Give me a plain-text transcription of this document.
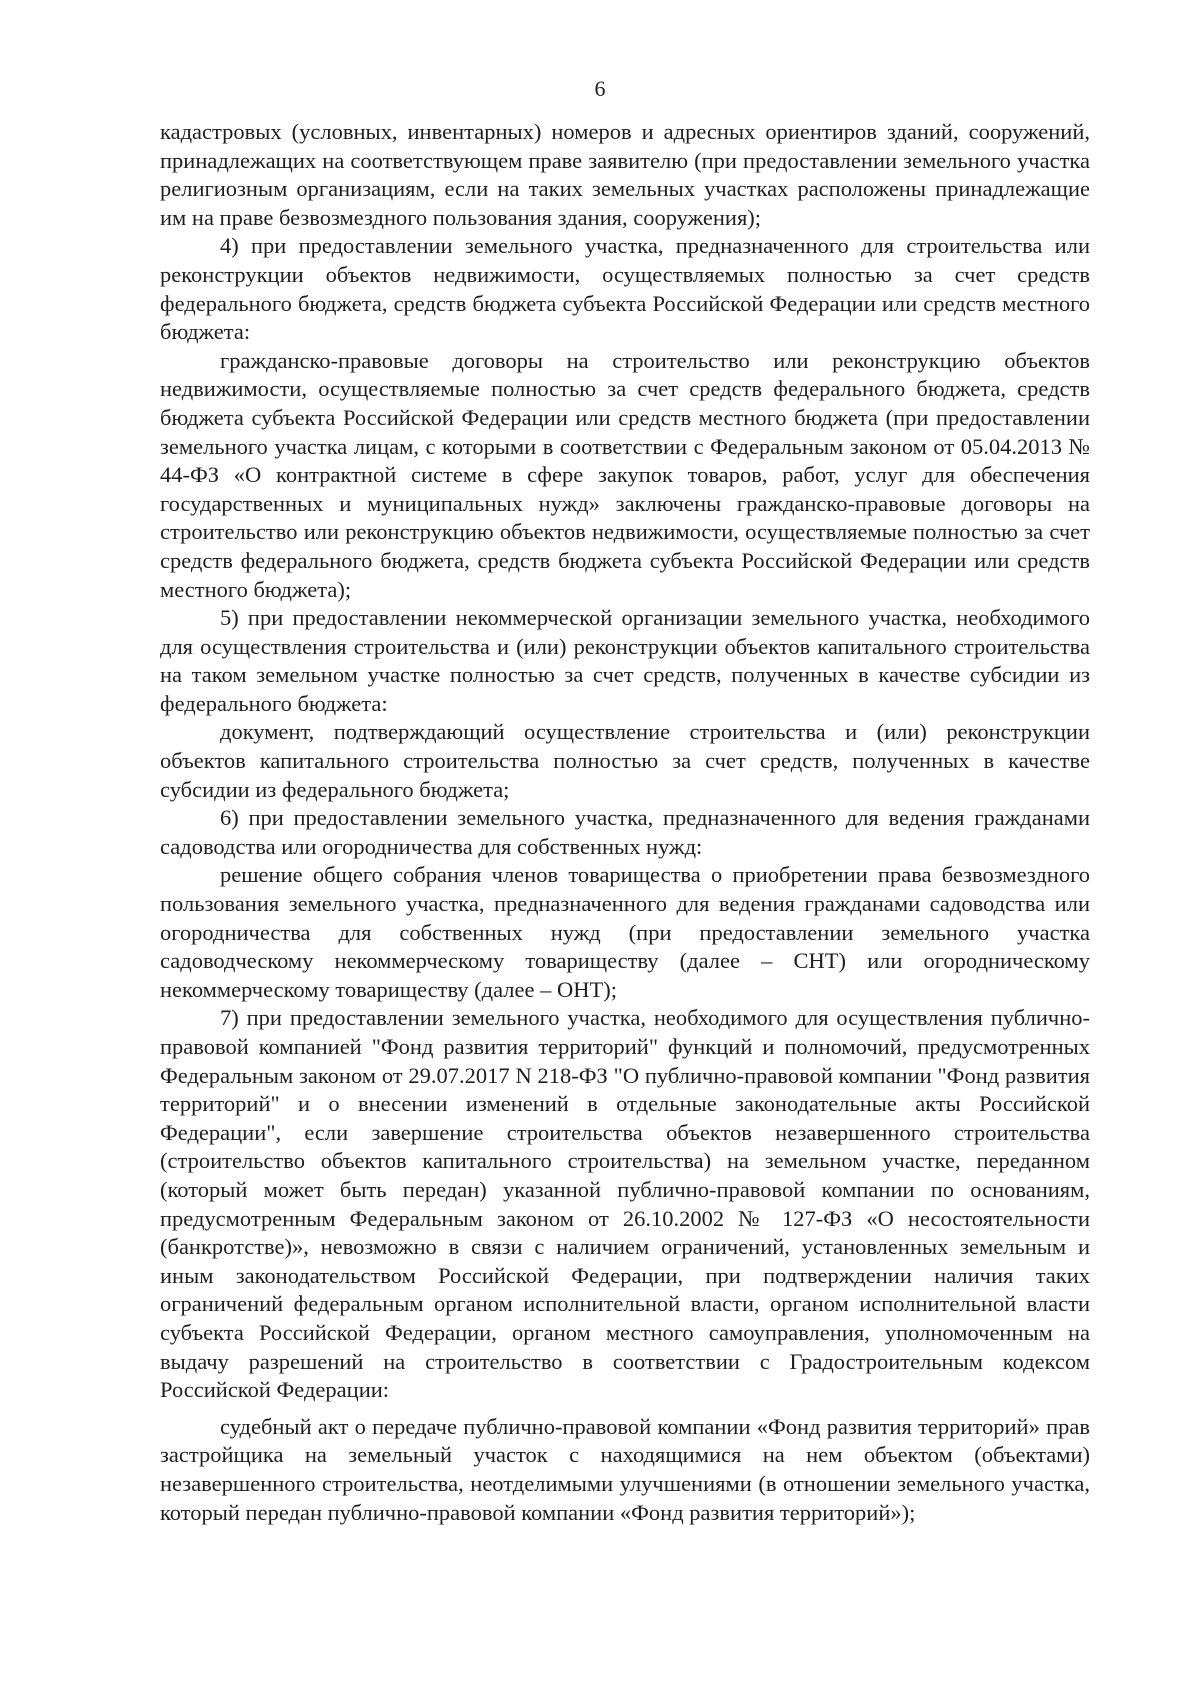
6

кадастровых (условных, инвентарных) номеров и адресных ориентиров зданий, сооружений, принадлежащих на соответствующем праве заявителю (при предоставлении земельного участка религиозным организациям, если на таких земельных участках расположены принадлежащие им на праве безвозмездного пользования здания, сооружения);

4) при предоставлении земельного участка, предназначенного для строительства или реконструкции объектов недвижимости, осуществляемых полностью за счет средств федерального бюджета, средств бюджета субъекта Российской Федерации или средств местного бюджета:

гражданско-правовые договоры на строительство или реконструкцию объектов недвижимости, осуществляемые полностью за счет средств федерального бюджета, средств бюджета субъекта Российской Федерации или средств местного бюджета (при предоставлении земельного участка лицам, с которыми в соответствии с Федеральным законом от 05.04.2013 № 44-ФЗ «О контрактной системе в сфере закупок товаров, работ, услуг для обеспечения государственных и муниципальных нужд» заключены гражданско-правовые договоры на строительство или реконструкцию объектов недвижимости, осуществляемые полностью за счет средств федерального бюджета, средств бюджета субъекта Российской Федерации или средств местного бюджета);

5) при предоставлении некоммерческой организации земельного участка, необходимого для осуществления строительства и (или) реконструкции объектов капитального строительства на таком земельном участке полностью за счет средств, полученных в качестве субсидии из федерального бюджета:

документ, подтверждающий осуществление строительства и (или) реконструкции объектов капитального строительства полностью за счет средств, полученных в качестве субсидии из федерального бюджета;

6) при предоставлении земельного участка, предназначенного для ведения гражданами садоводства или огородничества для собственных нужд:

решение общего собрания членов товарищества о приобретении права безвозмездного пользования земельного участка, предназначенного для ведения гражданами садоводства или огородничества для собственных нужд (при предоставлении земельного участка садоводческому некоммерческому товариществу (далее – СНТ) или огородническому некоммерческому товариществу (далее – ОНТ);

7) при предоставлении земельного участка, необходимого для осуществления публично-правовой компанией "Фонд развития территорий" функций и полномочий, предусмотренных Федеральным законом от 29.07.2017 N 218-ФЗ "О публично-правовой компании "Фонд развития территорий" и о внесении изменений в отдельные законодательные акты Российской Федерации", если завершение строительства объектов незавершенного строительства (строительство объектов капитального строительства) на земельном участке, переданном (который может быть передан) указанной публично-правовой компании по основаниям, предусмотренным Федеральным законом от 26.10.2002 № 127-ФЗ «О несостоятельности (банкротстве)», невозможно в связи с наличием ограничений, установленных земельным и иным законодательством Российской Федерации, при подтверждении наличия таких ограничений федеральным органом исполнительной власти, органом исполнительной власти субъекта Российской Федерации, органом местного самоуправления, уполномоченным на выдачу разрешений на строительство в соответствии с Градостроительным кодексом Российской Федерации:

судебный акт о передаче публично-правовой компании «Фонд развития территорий» прав застройщика на земельный участок с находящимися на нем объектом (объектами) незавершенного строительства, неотделимыми улучшениями (в отношении земельного участка, который передан публично-правовой компании «Фонд развития территорий»);
